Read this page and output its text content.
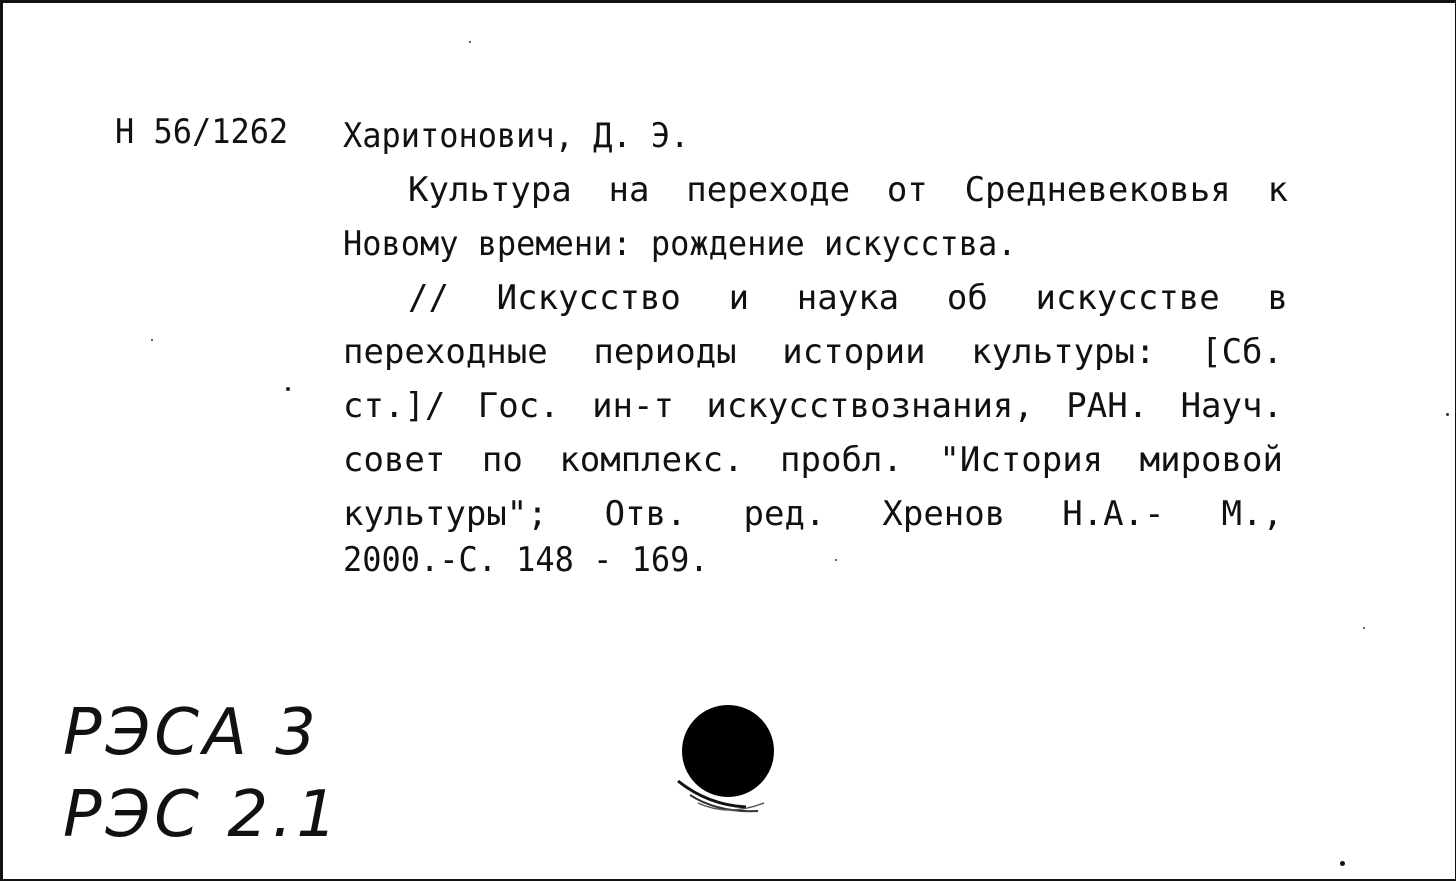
Н 56/1262 Харитонович, Д. Э.
Культура на переходе от Средневековья к
Новому времени: рождение искусства.
// Искусство и наука об искусстве в
переходные периоды истории культуры: [Сб.
ст.]/ Гос. ин-т искусствознания, РАН. Науч.
совет по комплекс. пробл. "История мировой
культуры"; Отв. ред. Хренов Н.А.- М.,
2000.-С. 148 - 169.
РЭСА 3
РЭС 2.1
